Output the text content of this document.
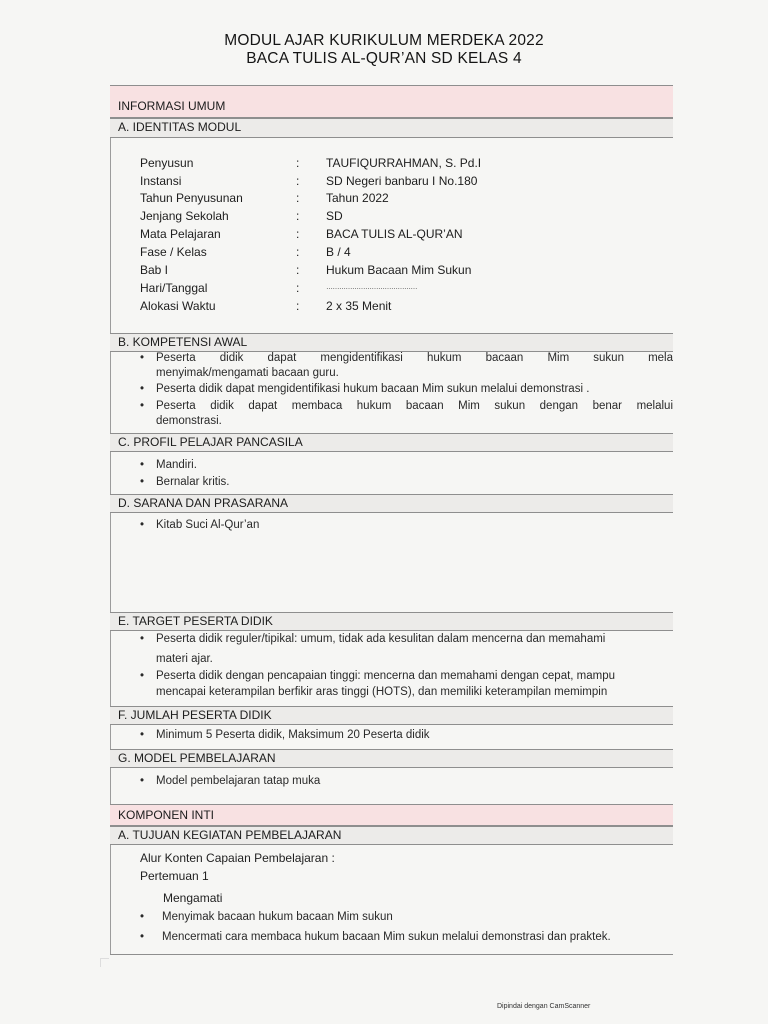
MODUL AJAR KURIKULUM MERDEKA 2022
BACA TULIS AL-QUR’AN SD KELAS 4
INFORMASI UMUM
A. IDENTITAS MODUL
Penyusun	: TAUFIQURRAHMAN, S. Pd.I
Instansi	: SD Negeri banbaru I No.180
Tahun Penyusunan	: Tahun 2022
Jenjang Sekolah	: SD
Mata Pelajaran	: BACA TULIS AL-QUR’AN
Fase / Kelas	: B / 4
Bab I	: Hukum Bacaan Mim Sukun
Hari/Tanggal	:	……………………………………
Alokasi Waktu	: 2 x 35 Menit
B. KOMPETENSI AWAL
• Peserta didik dapat mengidentifikasi hukum bacaan Mim sukun mela
menyimak/mengamati bacaan guru.
• Peserta didik dapat mengidentifikasi hukum bacaan Mim sukun melalui demonstrasi .
• Peserta didik dapat membaca hukum bacaan Mim sukun dengan benar melalui
demonstrasi.
C. PROFIL PELAJAR PANCASILA
• Mandiri.
• Bernalar kritis.
D. SARANA DAN PRASARANA
• Kitab Suci Al-Qur’an
E. TARGET PESERTA DIDIK
• Peserta didik reguler/tipikal: umum, tidak ada kesulitan dalam mencerna dan memahami
materi ajar.
• Peserta didik dengan pencapaian tinggi: mencerna dan memahami dengan cepat, mampu
mencapai keterampilan berfikir aras tinggi (HOTS), dan memiliki keterampilan memimpin
F. JUMLAH PESERTA DIDIK
• Minimum 5 Peserta didik, Maksimum 20 Peserta didik
G. MODEL PEMBELAJARAN
• Model pembelajaran tatap muka
KOMPONEN INTI
A. TUJUAN KEGIATAN PEMBELAJARAN
Alur Konten Capaian Pembelajaran :
Pertemuan 1
Mengamati
• Menyimak bacaan hukum bacaan Mim sukun
• Mencermati cara membaca hukum bacaan Mim sukun melalui demonstrasi dan praktek.
Dipindai dengan CamScanner
